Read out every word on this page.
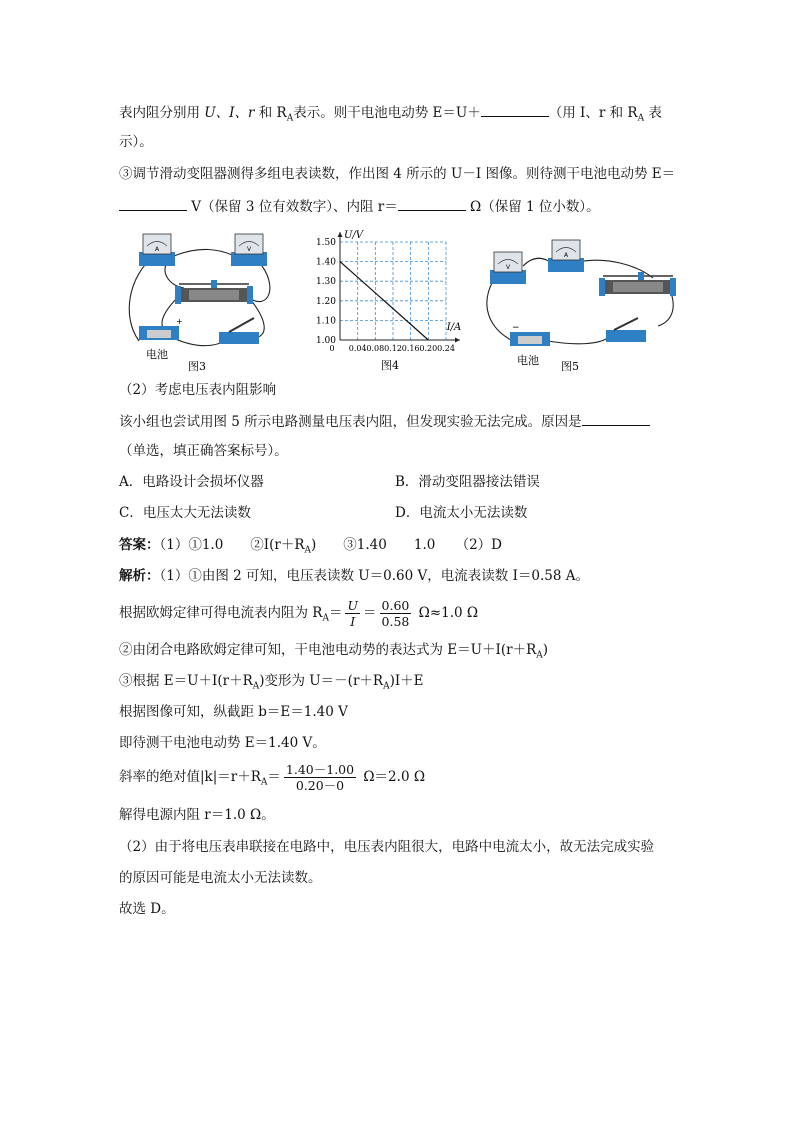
表内阻分别用 U、I、r 和 $R_A$表示。则干电池电动势 E＝U＋	（用 I、r 和 $R_A$ 表
示）。
③调节滑动变阻器测得多组电表读数，作出图 4 所示的 U－I 图像。则待测干电池电动势 E＝
V（保留 3 位有效数字）、内阻 r＝	Ω（保留 1 位小数）。
A	V
+
电池
图3
0.04 0.08 0.12 0.16 0.20 0.24
1.00
1.10
1.20
1.30
1.40
1.50
0
U/V
I/A
图4
V
A
−
电池 图5
（2）考虑电压表内阻影响
该小组也尝试用图 5 所示电路测量电压表内阻，但发现实验无法完成。原因是
（单选，填正确答案标号）。
A．电路设计会损坏仪器	B．滑动变阻器接法错误
C．电压太大无法读数	D．电流太小无法读数
答案：（1）①1.0　　$②I(r+R_A)$　　③1.40　　1.0　　（2）D
解析：（1）①由图 2 可知，电压表读数 U＝0.60 V，电流表读数 I＝0.58 A。
根据欧姆定律可得电流表内阻为 $R_A= \frac{U}{I} = \frac{0.60}{0.58} \Omega\approx 1.0$ Ω
②由闭合电路欧姆定律可知，干电池电动势的表达式为 $E=U+I(r+R_A)$
③根据 $E=U+I(r+R_A)$变形为 $U=-(r+R_A)I+E$
根据图像可知，纵截距 b＝E＝1.40 V
即待测干电池电动势 E＝1.40 V。
斜率的绝对值$|k|=r+R_A= \frac{1.40-1.00}{0.20-0} \Omega=2.0$ Ω
解得电源内阻 r＝1.0 Ω。
（2）由于将电压表串联接在电路中，电压表内阻很大，电路中电流太小，故无法完成实验
的原因可能是电流太小无法读数。
故选 D。
